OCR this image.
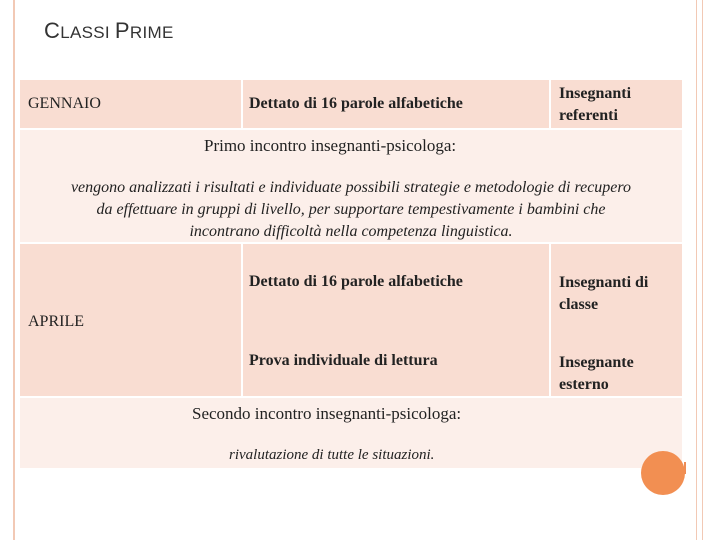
CLASSI PRIME
GENNAIO	Dettato di 16 parole alfabetiche
Insegnanti
referenti
Primo incontro insegnanti-psicologa:
vengono analizzati i risultati e individuate possibili strategie e metodologie di recupero
da effettuare in gruppi di livello, per supportare tempestivamente i bambini che
incontrano difficoltà nella competenza linguistica.
APRILE
Dettato di 16 parole alfabetiche
Prova individuale di lettura
Insegnanti di
classe
Insegnante
esterno
Secondo incontro insegnanti-psicologa:
rivalutazione di tutte le situazioni.
